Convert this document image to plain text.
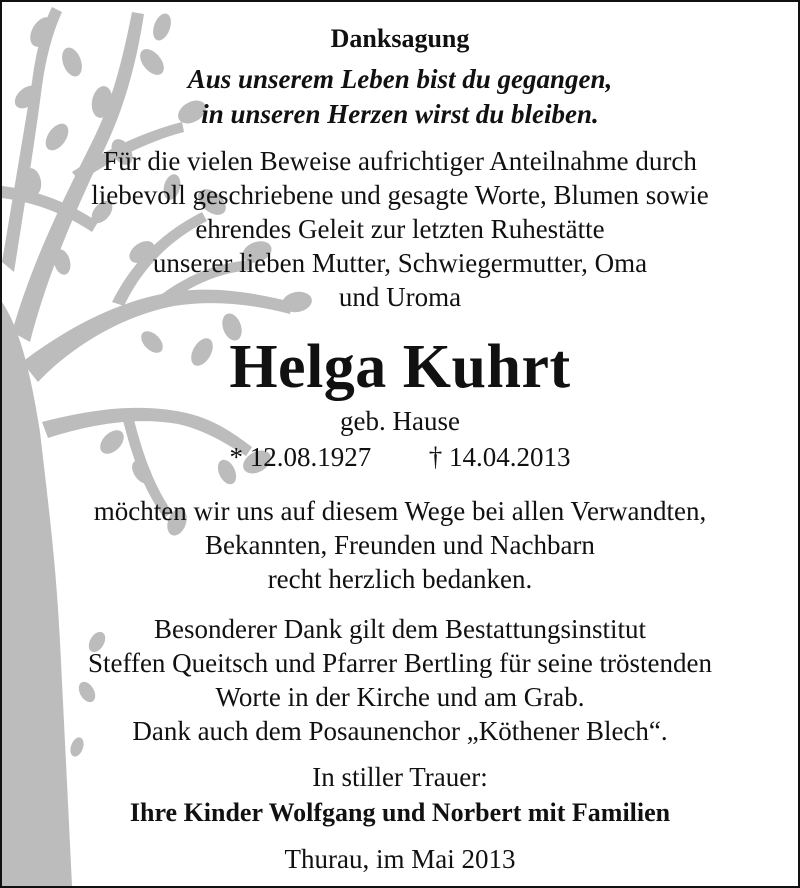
Danksagung
Aus unserem Leben bist du gegangen,
in unseren Herzen wirst du bleiben.
Für die vielen Beweise aufrichtiger Anteilnahme durch
liebevoll geschriebene und gesagte Worte, Blumen sowie
ehrendes Geleit zur letzten Ruhestätte
unserer lieben Mutter, Schwiegermutter, Oma
und Uroma
Helga Kuhrt
geb. Hause
* 12.08.1927 † 14.04.2013
möchten wir uns auf diesem Wege bei allen Verwandten,
Bekannten, Freunden und Nachbarn
recht herzlich bedanken.
Besonderer Dank gilt dem Bestattungsinstitut
Steffen Queitsch und Pfarrer Bertling für seine tröstenden
Worte in der Kirche und am Grab.
Dank auch dem Posaunenchor „Köthener Blech“.
In stiller Trauer:
Ihre Kinder Wolfgang und Norbert mit Familien
Thurau, im Mai 2013
